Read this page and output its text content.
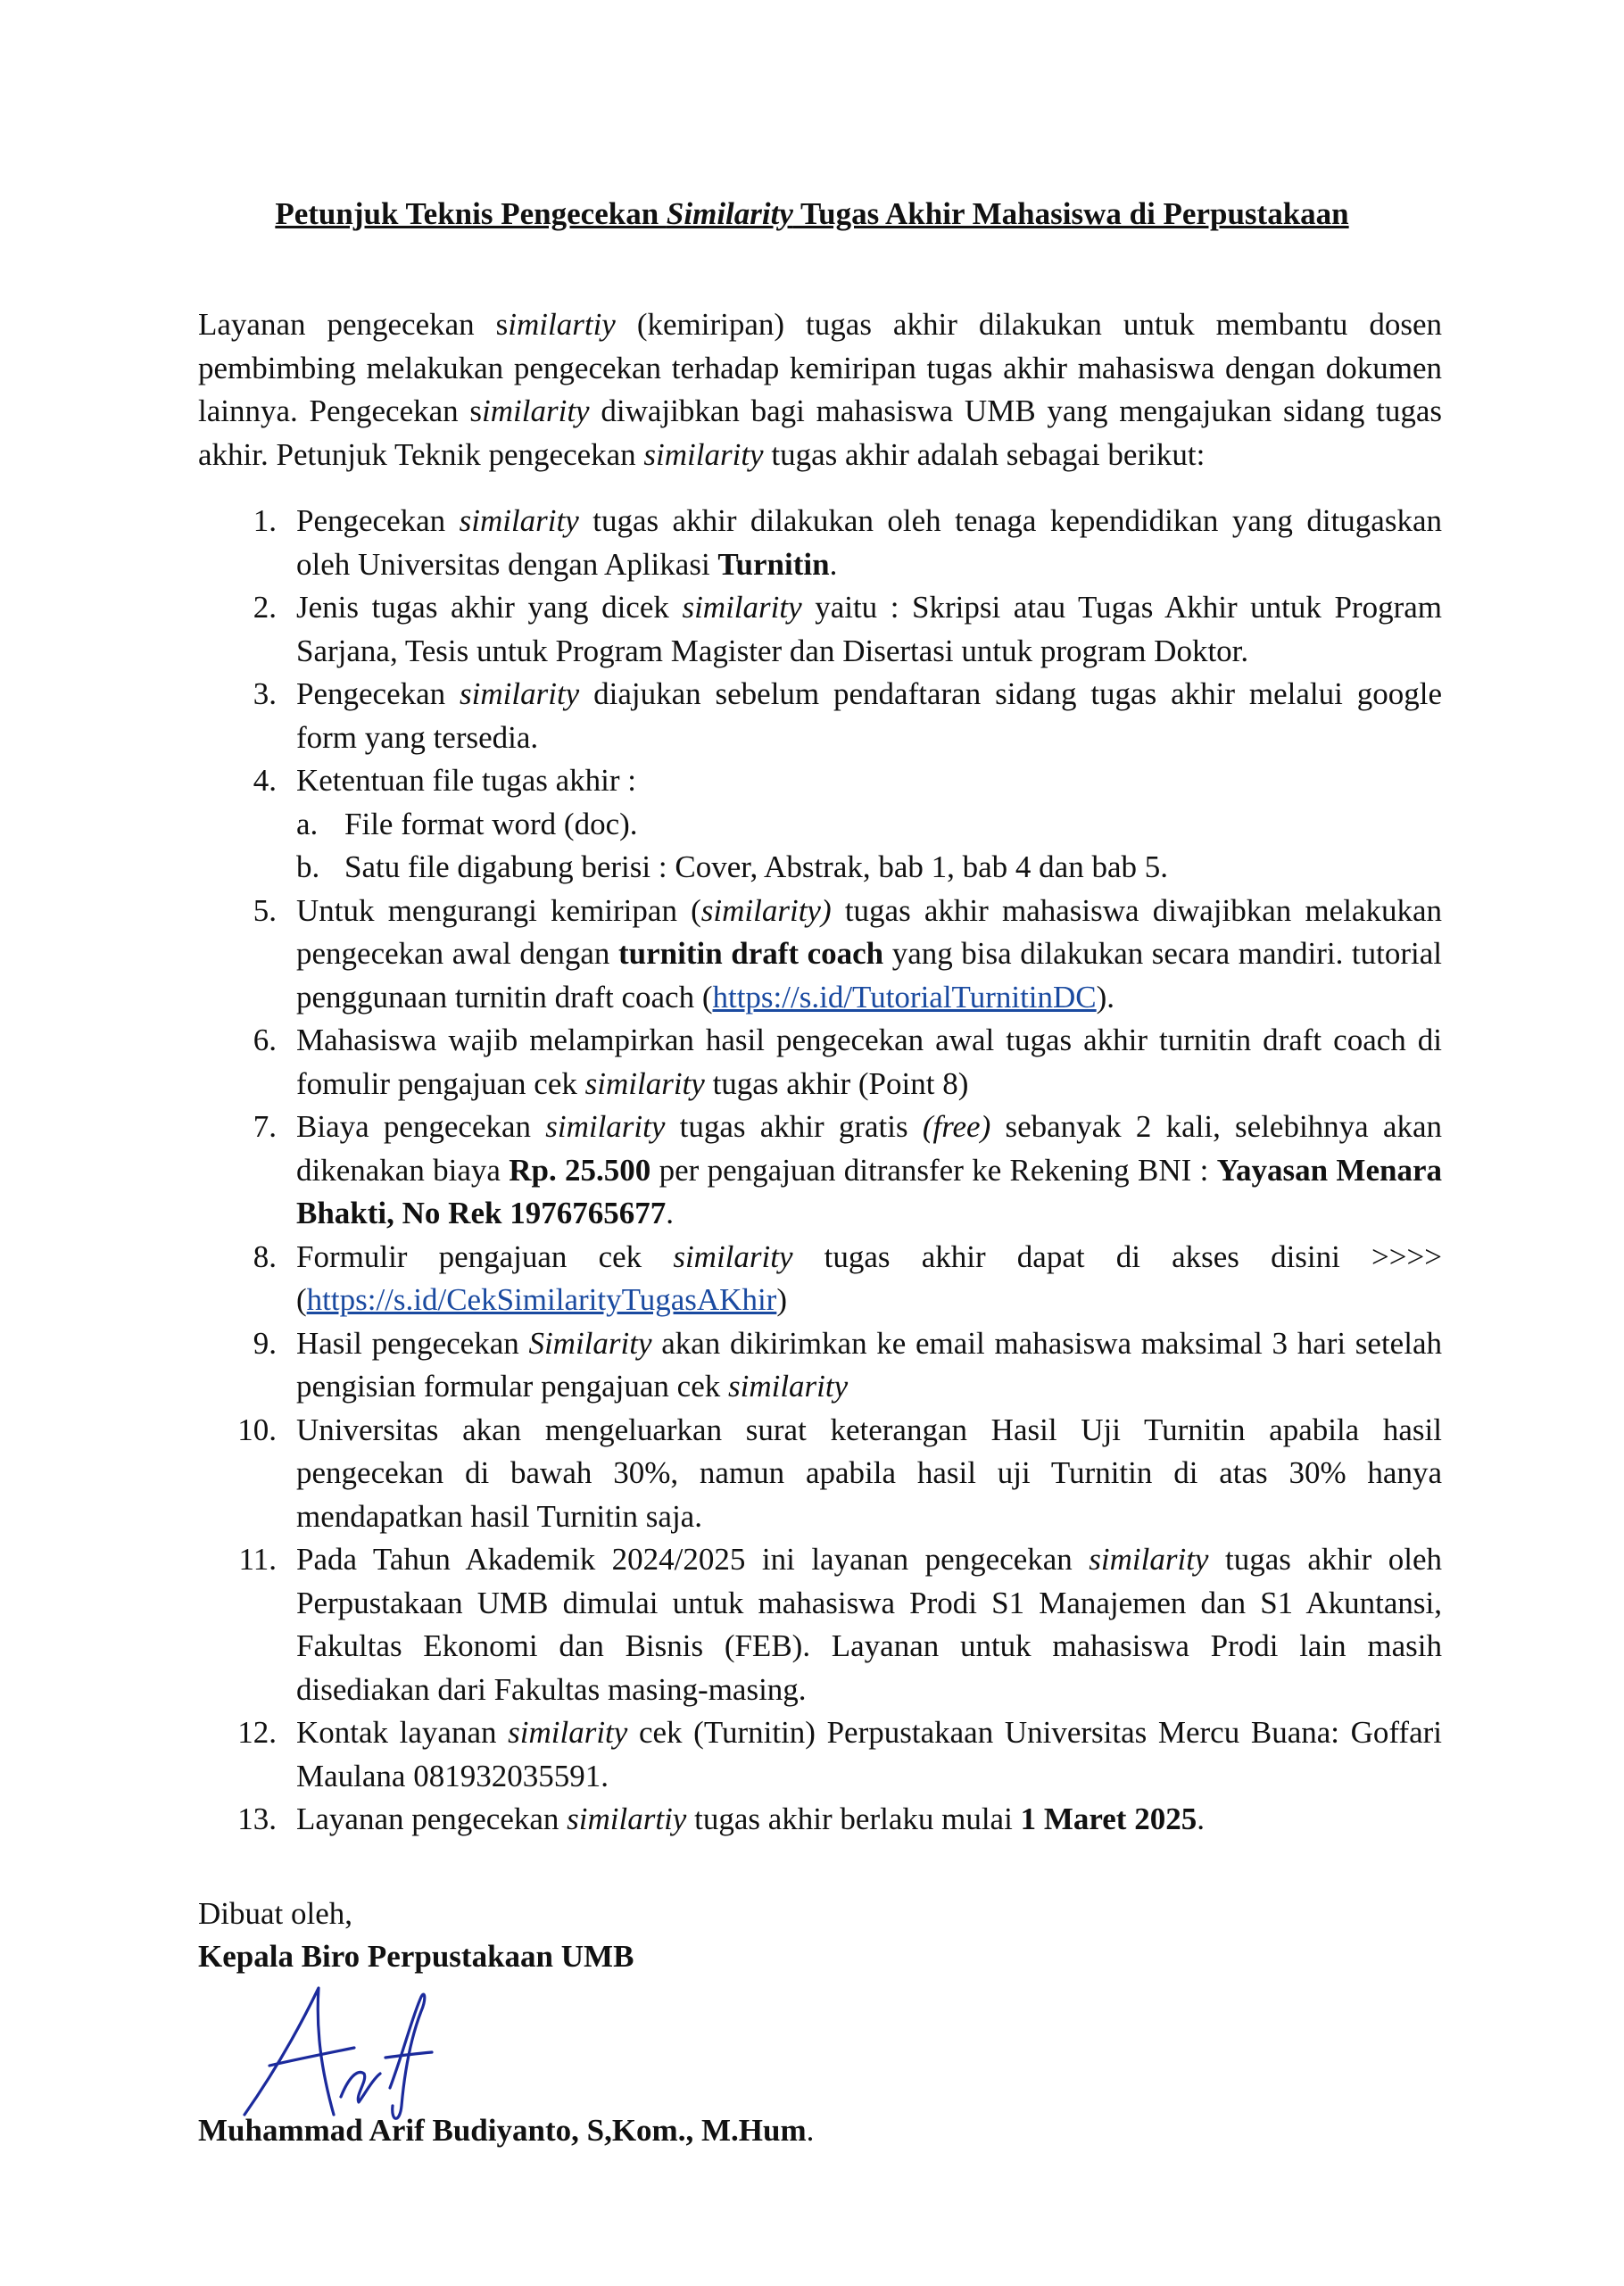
Petunjuk Teknis Pengecekan Similarity Tugas Akhir Mahasiswa di Perpustakaan

Layanan pengecekan similartiy (kemiripan) tugas akhir dilakukan untuk membantu dosen pembimbing melakukan pengecekan terhadap kemiripan tugas akhir mahasiswa dengan dokumen lainnya. Pengecekan similarity diwajibkan bagi mahasiswa UMB yang mengajukan sidang tugas akhir. Petunjuk Teknik pengecekan similarity tugas akhir adalah sebagai berikut:

1. Pengecekan similarity tugas akhir dilakukan oleh tenaga kependidikan yang ditugaskan oleh Universitas dengan Aplikasi Turnitin.
2. Jenis tugas akhir yang dicek similarity yaitu : Skripsi atau Tugas Akhir untuk Program Sarjana, Tesis untuk Program Magister dan Disertasi untuk program Doktor.
3. Pengecekan similarity diajukan sebelum pendaftaran sidang tugas akhir melalui google form yang tersedia.
4. Ketentuan file tugas akhir :
a. File format word (doc).
b. Satu file digabung berisi : Cover, Abstrak, bab 1, bab 4 dan bab 5.
5. Untuk mengurangi kemiripan (similarity) tugas akhir mahasiswa diwajibkan melakukan pengecekan awal dengan turnitin draft coach yang bisa dilakukan secara mandiri. tutorial penggunaan turnitin draft coach (https://s.id/TutorialTurnitinDC).
6. Mahasiswa wajib melampirkan hasil pengecekan awal tugas akhir turnitin draft coach di fomulir pengajuan cek similarity tugas akhir (Point 8)
7. Biaya pengecekan similarity tugas akhir gratis (free) sebanyak 2 kali, selebihnya akan dikenakan biaya Rp. 25.500 per pengajuan ditransfer ke Rekening BNI : Yayasan Menara Bhakti, No Rek 1976765677.
8. Formulir pengajuan cek similarity tugas akhir dapat di akses disini >>>> (https://s.id/CekSimilarityTugasAKhir)
9. Hasil pengecekan Similarity akan dikirimkan ke email mahasiswa maksimal 3 hari setelah pengisian formular pengajuan cek similarity
10. Universitas akan mengeluarkan surat keterangan Hasil Uji Turnitin apabila hasil pengecekan di bawah 30%, namun apabila hasil uji Turnitin di atas 30% hanya mendapatkan hasil Turnitin saja.
11. Pada Tahun Akademik 2024/2025 ini layanan pengecekan similarity tugas akhir oleh Perpustakaan UMB dimulai untuk mahasiswa Prodi S1 Manajemen dan S1 Akuntansi, Fakultas Ekonomi dan Bisnis (FEB). Layanan untuk mahasiswa Prodi lain masih disediakan dari Fakultas masing-masing.
12. Kontak layanan similarity cek (Turnitin) Perpustakaan Universitas Mercu Buana: Goffari Maulana 081932035591.
13. Layanan pengecekan similartiy tugas akhir berlaku mulai 1 Maret 2025.
Dibuat oleh,
Kepala Biro Perpustakaan UMB
Muhammad Arif Budiyanto, S,Kom., M.Hum.
